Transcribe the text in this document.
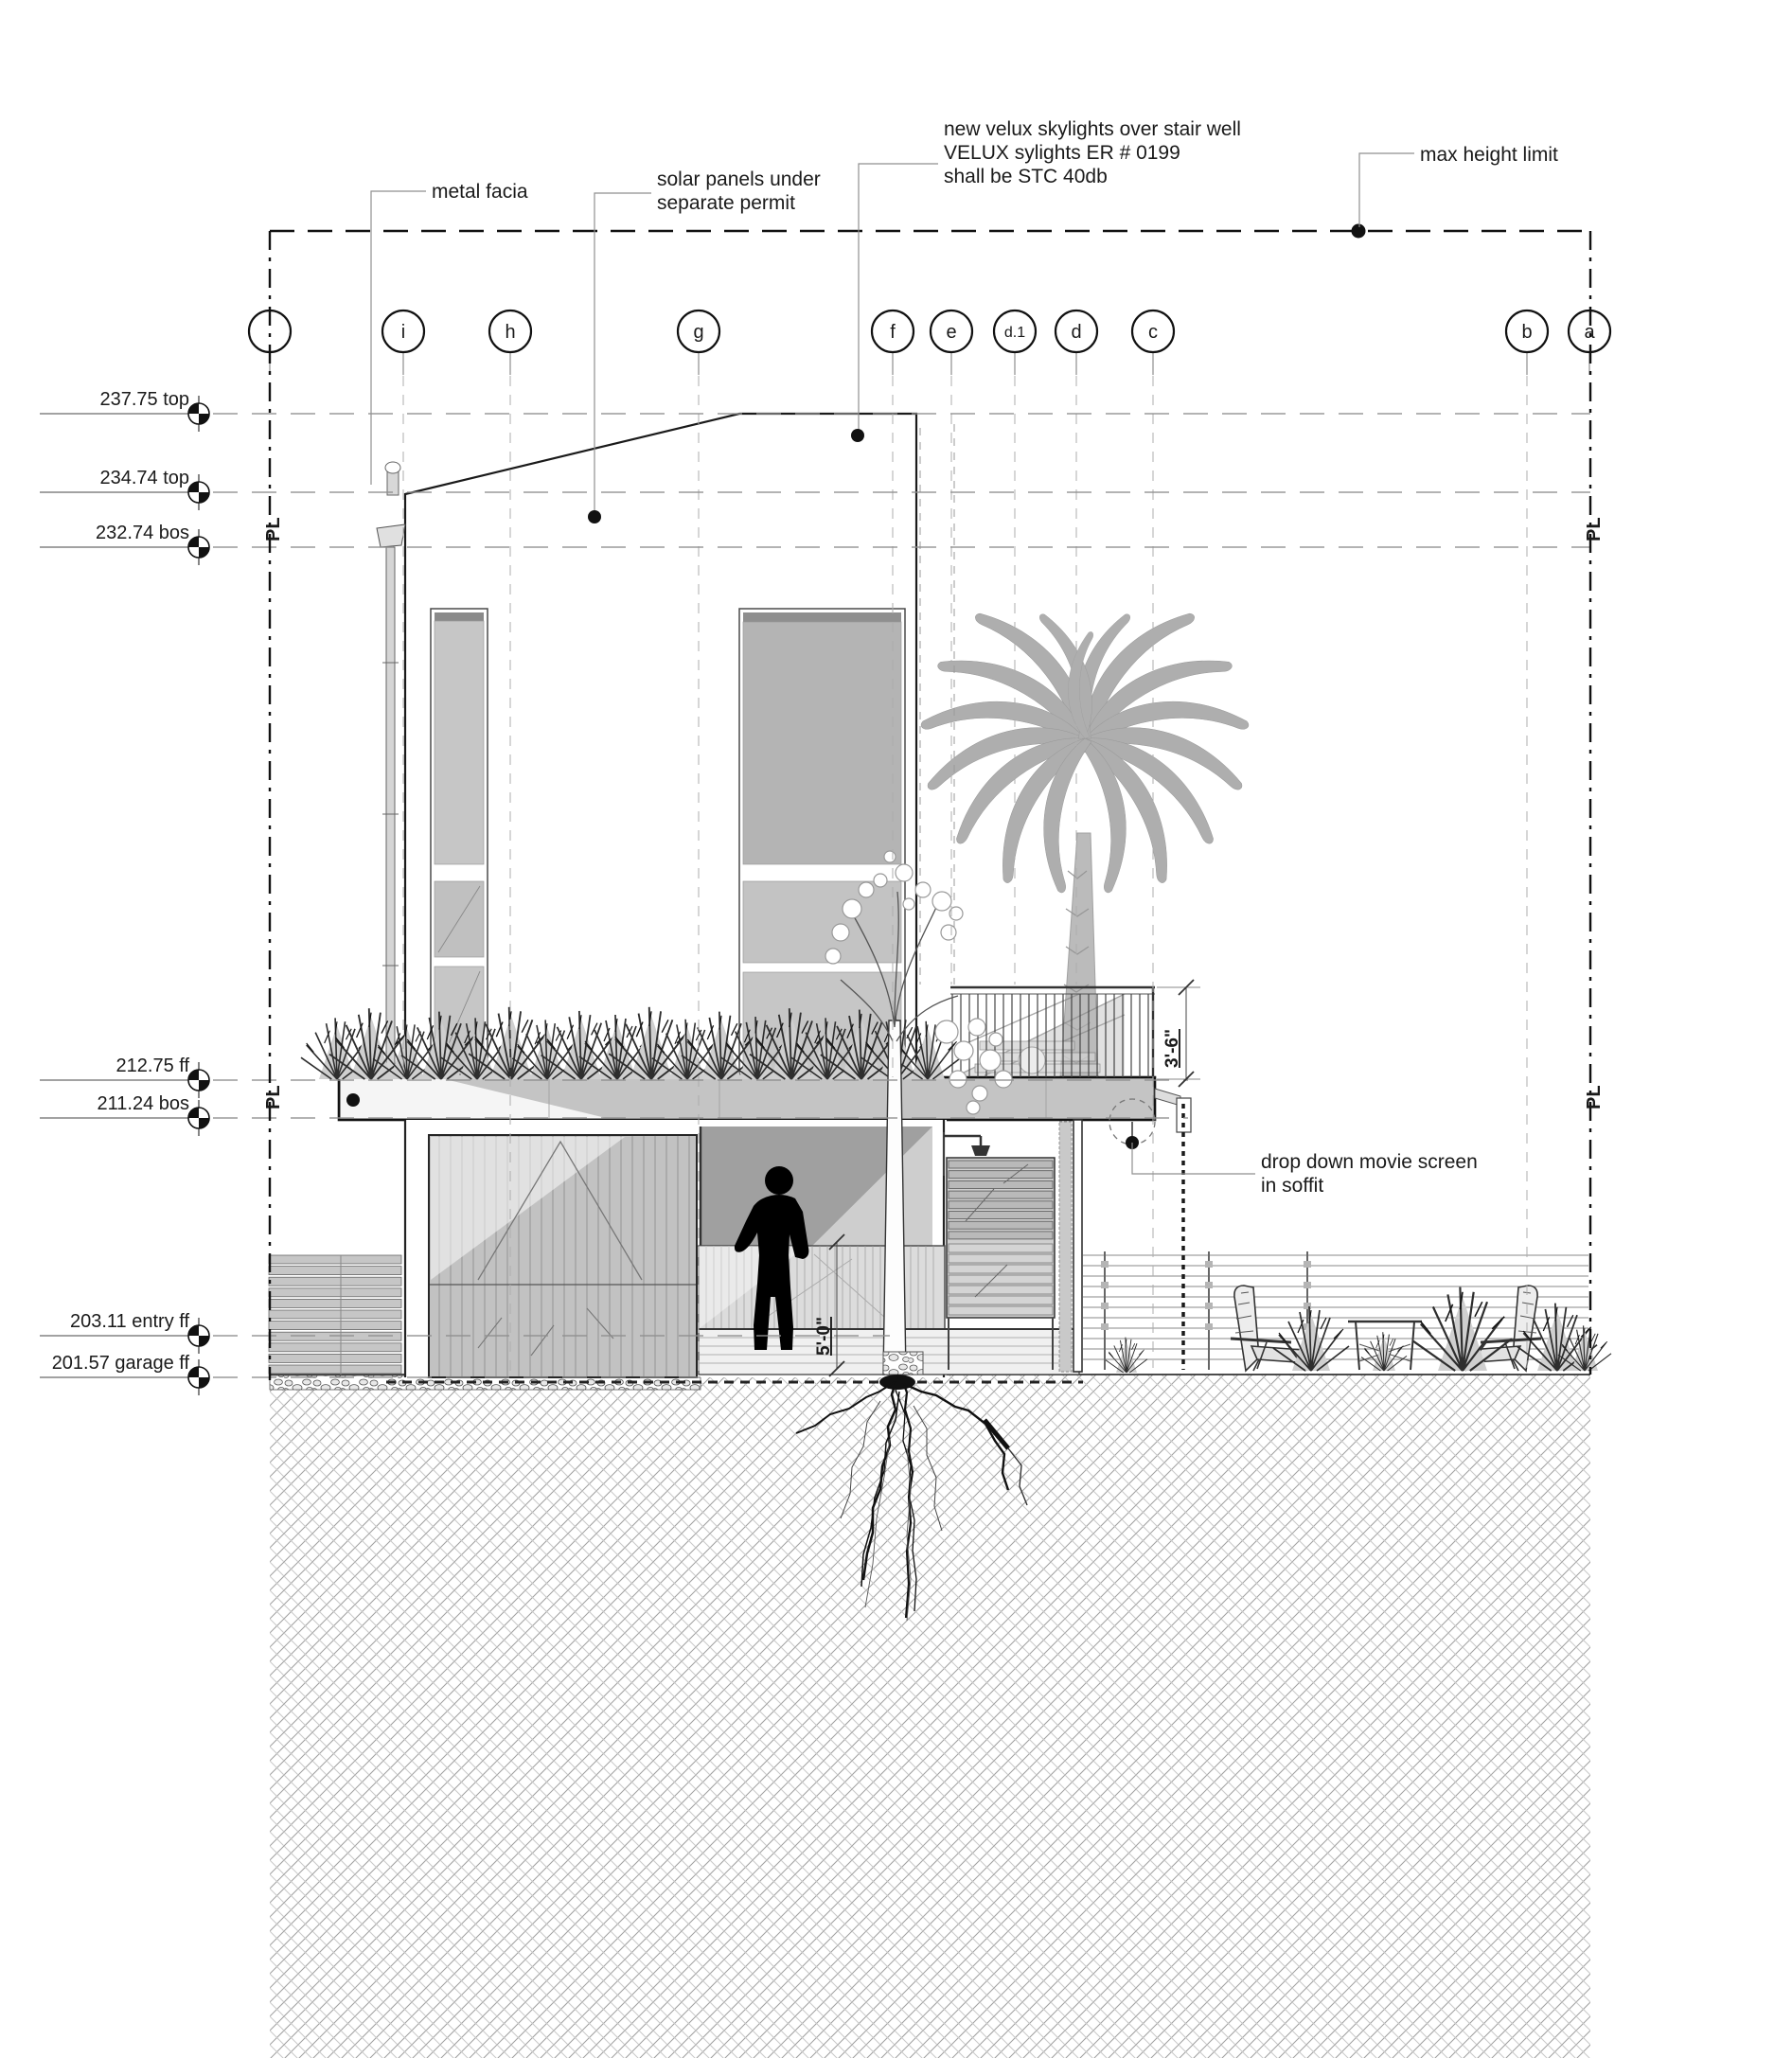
i	h	g	f	e	d.1 d	c	b	a
237.75 top
234.74 top
232.74 bos
212.75 ff
211.24 bos
203.11 entry ff
201.57 garage ff
PL
PL
PL
PL
metal facia
solar panels under
separate permit
new velux skylights over stair well
VELUX sylights ER # 0199
shall be STC 40db
max height limit
drop down movie screen
in soffit
3'-6"
5'-0"
